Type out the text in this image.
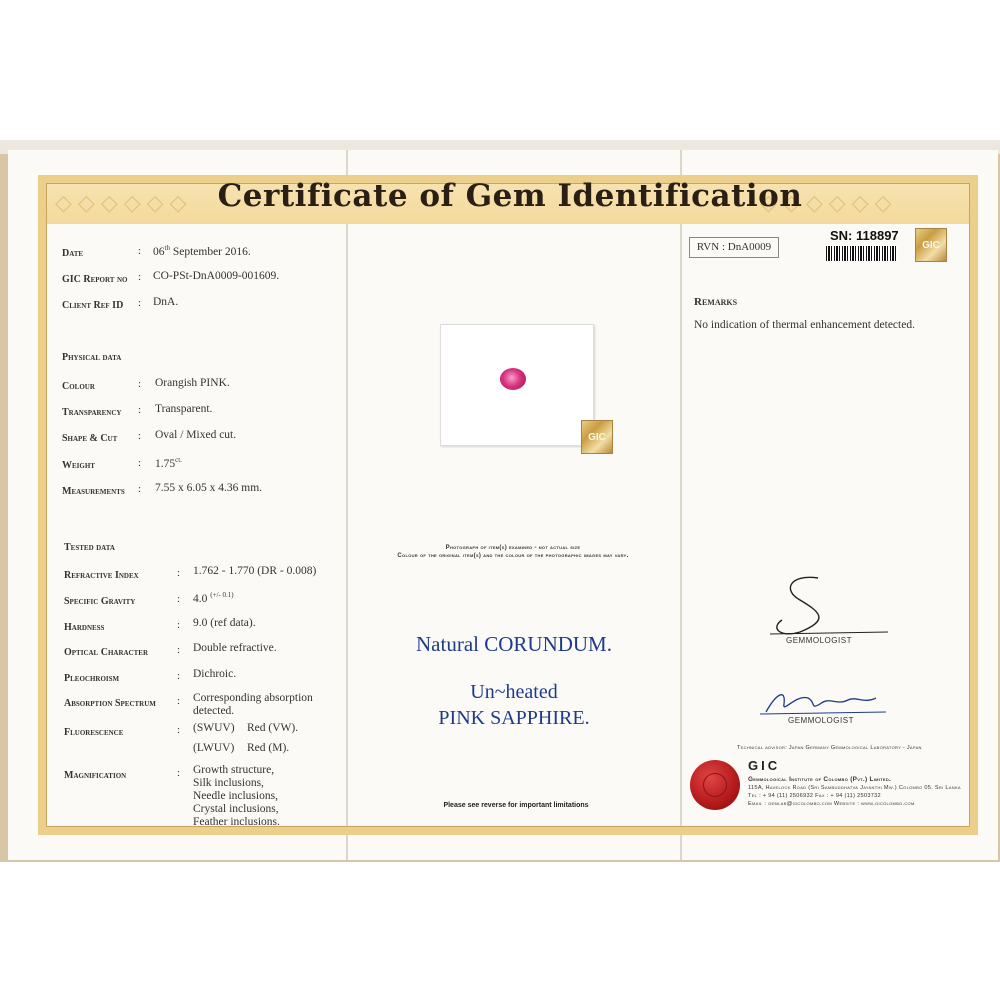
◇◇◇◇◇◇	◇◇◇◇◇◇
Certificate of Gem Identification
Date	: 06th September 2016.
GIC Report no : CO-PSt-DnA0009-001609.
Client Ref ID : DnA.
Physical data
Colour	: Orangish PINK.
Transparency : Transparent.
Shape & Cut : Oval / Mixed cut.
Weight	: $1.75^{ct.}$
Measurements : 7.55 x 6.05 x 4.36 mm.
Tested data
Refractive Index	: 1.762 - 1.770 (DR - 0.008)
Specific Gravity	: 4.0 $^{(+/- 0.1)}$
Hardness	: 9.0 (ref data).
Optical Character	: Double refractive.
Pleochroism	: Dichroic.
Absorption Spectrum : Corresponding absorption
detected.
Fluorescence	: (SWUV) Red (VW).
(LWUV) Red (M).
Magnification	: Growth structure,
Silk inclusions,
Needle inclusions,
Crystal inclusions,
Feather inclusions.
GIC
Photograph of item(s) examined - not actual size
Colour of the original item(s) and the colour of the photographic images may vary.
Natural CORUNDUM.
Un~heated
PINK SAPPHIRE.
Please see reverse for important limitations
RVN : DnA0009
SN: 118897
GIC
Remarks
No indication of thermal enhancement detected.
GEMMOLOGIST
GEMMOLOGIST
Technical advisor: Japan Germany Gemmological Laboratory - Japan
GIC
Gemmological Institute of Colombo (Pvt.) Limited.
115A, Havelock Road (Sri Sambuddhatva Jayanthi Mw.) Colombo 05. Sri Lanka
Tel : + 94 (11) 2506932 Fax : + 94 (11) 2503732
Email : gemlab@gicolombo.com Website : www.gicolombo.com
